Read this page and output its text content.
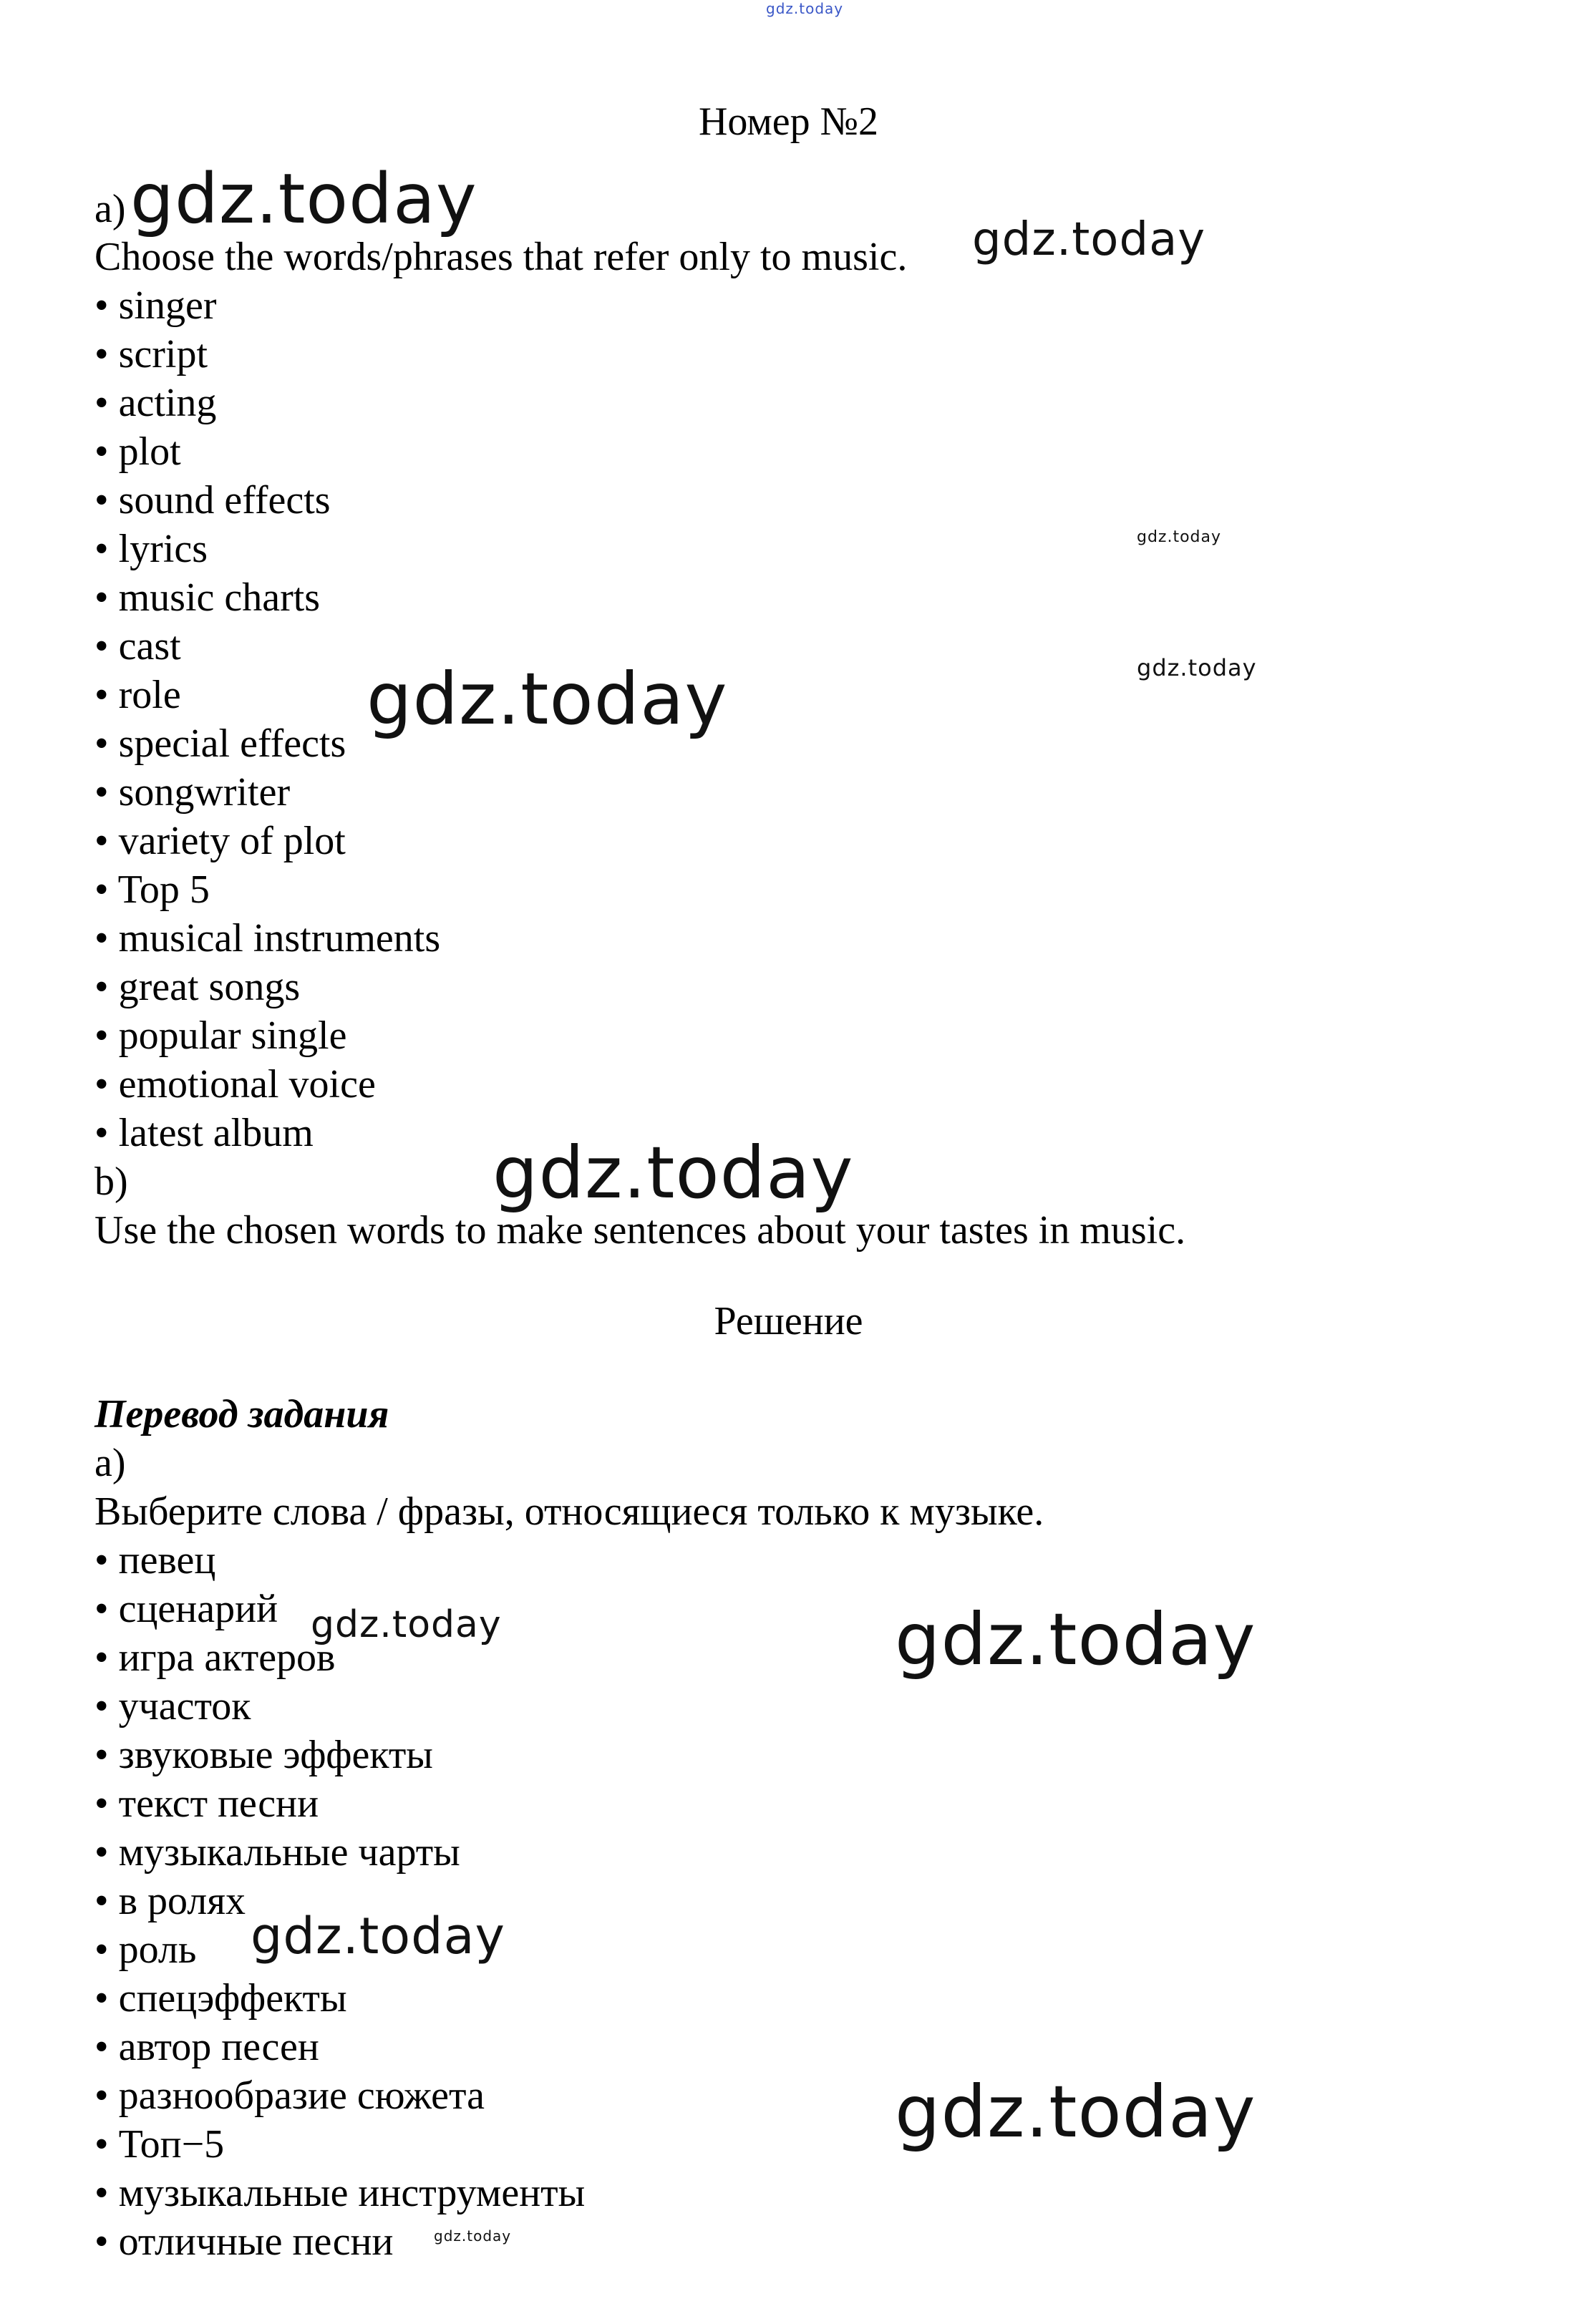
gdz.today
Номер №2
a) gdz.today
Choose the words/phrases that refer only to music. gdz.today
• singer
• script
• acting
• plot
• sound effects
• lyrics
• music charts
• cast
• role
• special effects
• songwriter
• variety of plot
• Top 5
• musical instruments
• great songs
• popular single
• emotional voice
• latest album
gdz.today
gdz.today
gdz.today
b)	gdz.today
Use the chosen words to make sentences about your tastes in music.
Решение
Перевод задания
a)
Выберите слова / фразы, относящиеся только к музыке.
• певец
• сценарий
• игра актеров
• участок
• звуковые эффекты
• текст песни
• музыкальные чарты
• в ролях
• роль
• спецэффекты
• автор песен
• разнообразие сюжета
• Топ−5
• музыкальные инструменты
• отличные песни
gdz.today	gdz.today
gdz.today
gdz.today
gdz.today
